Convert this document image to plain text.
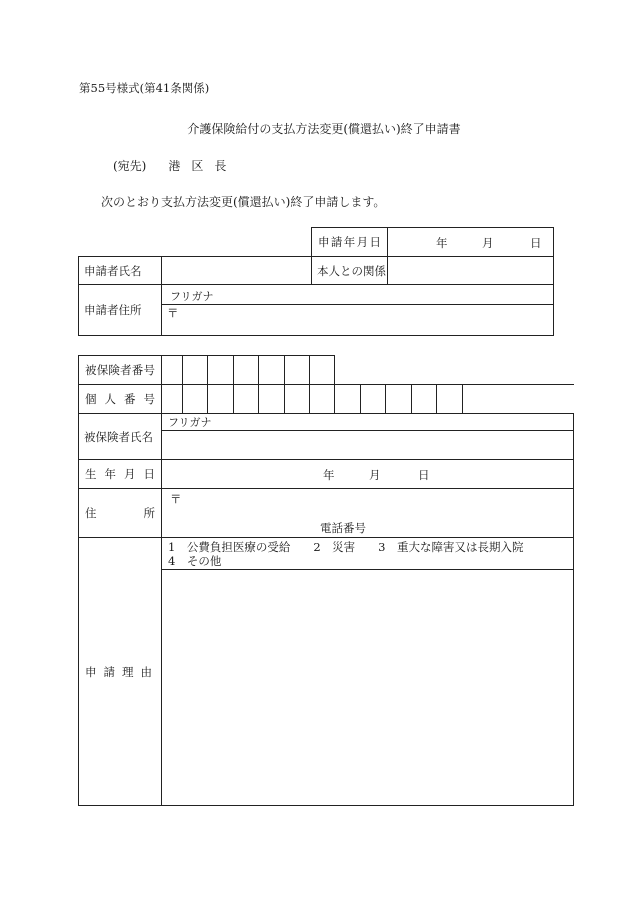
第55号様式(第41条関係)
介護保険給付の支払方法変更(償還払い)終了申請書
(宛先) 港区長
次のとおり支払方法変更(償還払い)終了申請します。
		申請年月日	年 月 日

申請者氏名		本人との関係	
申請者住所	フリガナ		
	〒		
被保険者番号													
個人番号													
被保険者氏名	フリガナ												

生年月日	年 月 日												

住所	〒
電話番号												

申請理由	1　公費負担医療の受給　　2　災害　　3　重大な障害又は長期入院
4　その他												
